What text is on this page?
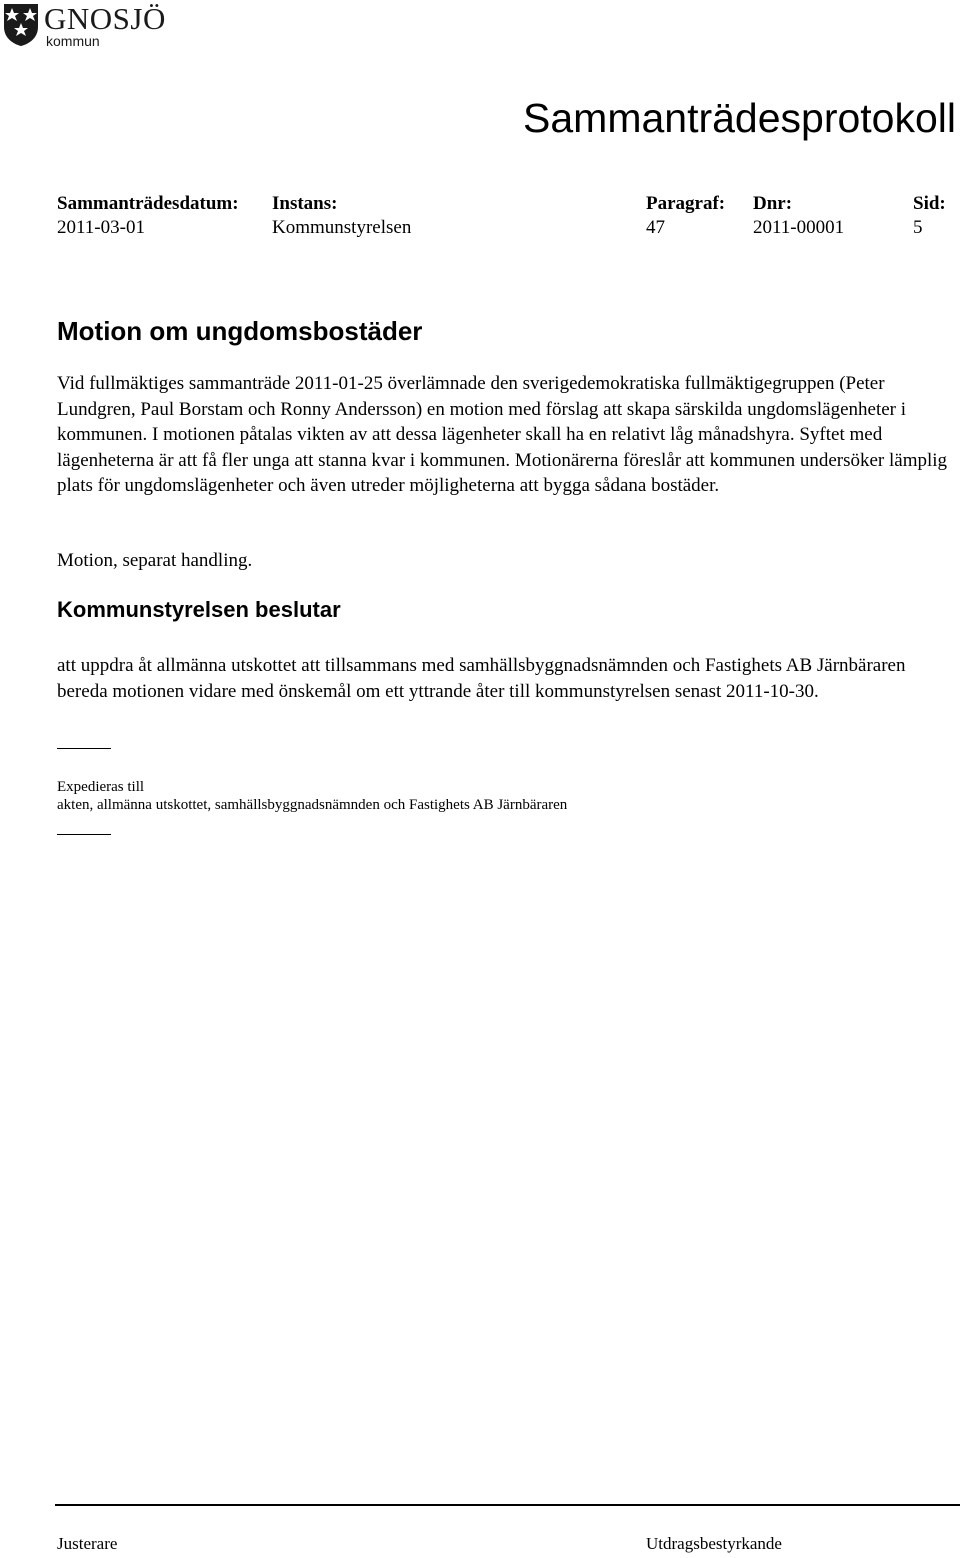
GNOSJÖ
kommun
Sammanträdesprotokoll
Sammanträdesdatum:
2011-03-01
Instans:
Kommunstyrelsen
Paragraf:
47
Dnr:
2011-00001
Sid:
5
Motion om ungdomsbostäder

Vid fullmäktiges sammanträde 2011-01-25 överlämnade den sverigedemokratiska fullmäktigegruppen (Peter Lundgren, Paul Borstam och Ronny Andersson) en motion med förslag att skapa särskilda ungdomslägenheter i kommunen. I motionen påtalas vikten av att dessa lägenheter skall ha en relativt låg månadshyra. Syftet med lägenheterna är att få fler unga att stanna kvar i kommunen. Motionärerna föreslår att kommunen undersöker lämplig plats för ungdomslägenheter och även utreder möjligheterna att bygga sådana bostäder.

Motion, separat handling.

Kommunstyrelsen beslutar

att uppdra åt allmänna utskottet att tillsammans med samhällsbyggnadsnämnden och Fastighets AB Järnbäraren bereda motionen vidare med önskemål om ett yttrande åter till kommunstyrelsen senast 2011-10-30.

Expedieras till
akten, allmänna utskottet, samhällsbyggnadsnämnden och Fastighets AB Järnbäraren
Justerare	Utdragsbestyrkande
